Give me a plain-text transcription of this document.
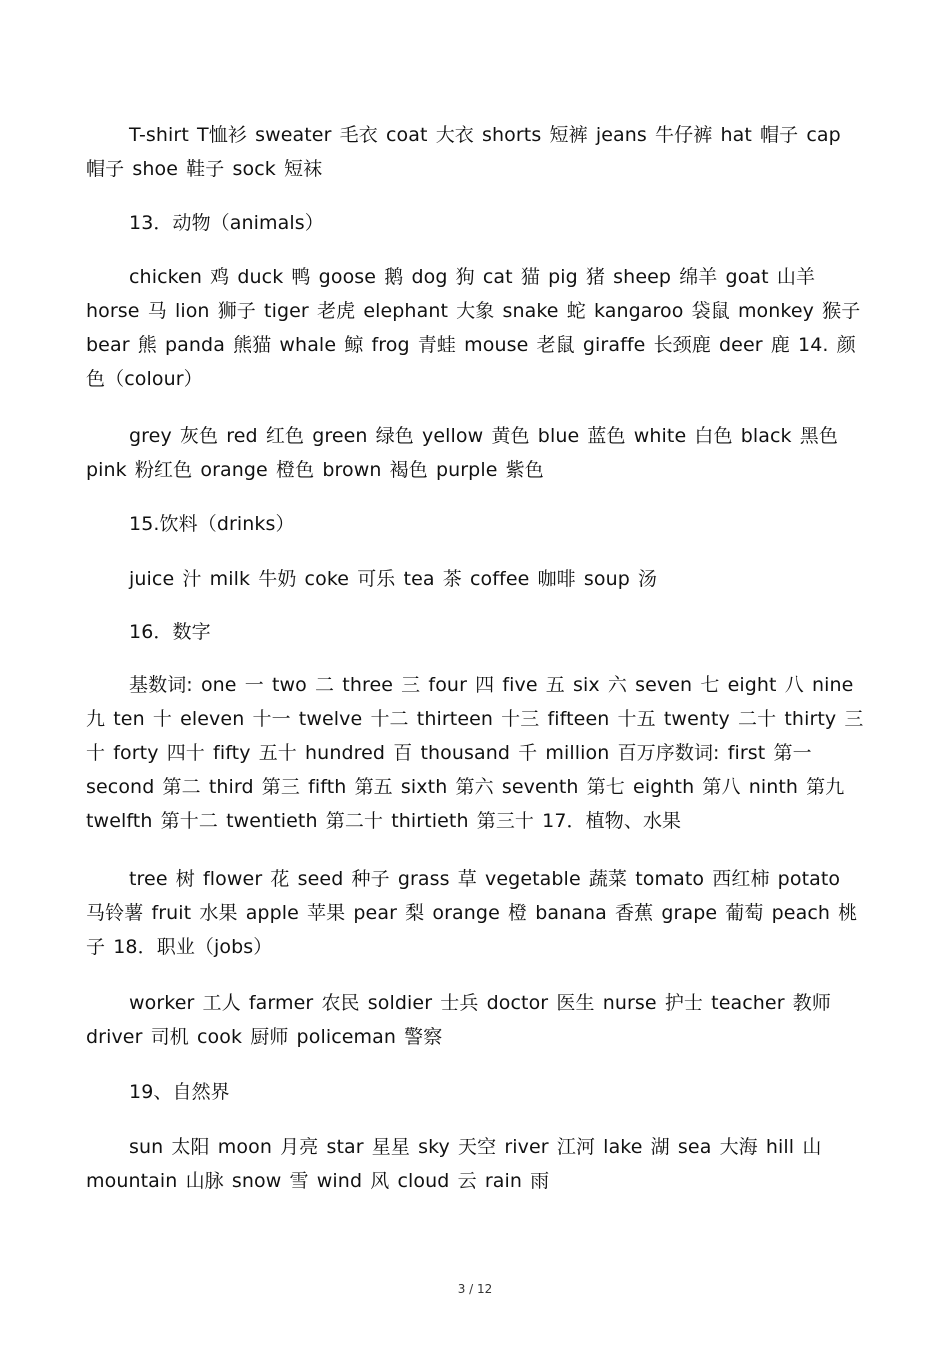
T-shirt T恤衫 sweater 毛衣 coat 大衣 shorts 短裤 jeans 牛仔裤 hat 帽子 cap 帽子 shoe 鞋子 sock 短袜

13．动物（animals）

chicken 鸡 duck 鸭 goose 鹅 dog 狗 cat 猫 pig 猪 sheep 绵羊 goat 山羊 horse 马 lion 狮子 tiger 老虎 elephant 大象 snake 蛇 kangaroo 袋鼠 monkey 猴子 bear 熊 panda 熊猫 whale 鲸 frog 青蛙 mouse 老鼠 giraffe 长颈鹿 deer 鹿 14. 颜色（colour）

grey 灰色 red 红色 green 绿色 yellow 黄色 blue 蓝色 white 白色 black 黑色 pink 粉红色 orange 橙色 brown 褐色 purple 紫色

15.饮料（drinks）

juice 汁 milk 牛奶 coke 可乐 tea 茶 coffee 咖啡 soup 汤

16．数字

基数词: one 一 two 二 three 三 four 四 five 五 six 六 seven 七 eight 八 nine 九 ten 十 eleven 十一 twelve 十二 thirteen 十三 fifteen 十五 twenty 二十 thirty 三十 forty 四十 fifty 五十 hundred 百 thousand 千 million 百万序数词: first 第一 second 第二 third 第三 fifth 第五 sixth 第六 seventh 第七 eighth 第八 ninth 第九 twelfth 第十二 twentieth 第二十 thirtieth 第三十 17．植物、水果

tree 树 flower 花 seed 种子 grass 草 vegetable 蔬菜 tomato 西红柿 potato 马铃薯 fruit 水果 apple 苹果 pear 梨 orange 橙 banana 香蕉 grape 葡萄 peach 桃子 18．职业（jobs）

worker 工人 farmer 农民 soldier 士兵 doctor 医生 nurse 护士 teacher 教师 driver 司机 cook 厨师 policeman 警察

19、自然界

sun 太阳 moon 月亮 star 星星 sky 天空 river 江河 lake 湖 sea 大海 hill 山 mountain 山脉 snow 雪 wind 风 cloud 云 rain 雨

3 / 12
